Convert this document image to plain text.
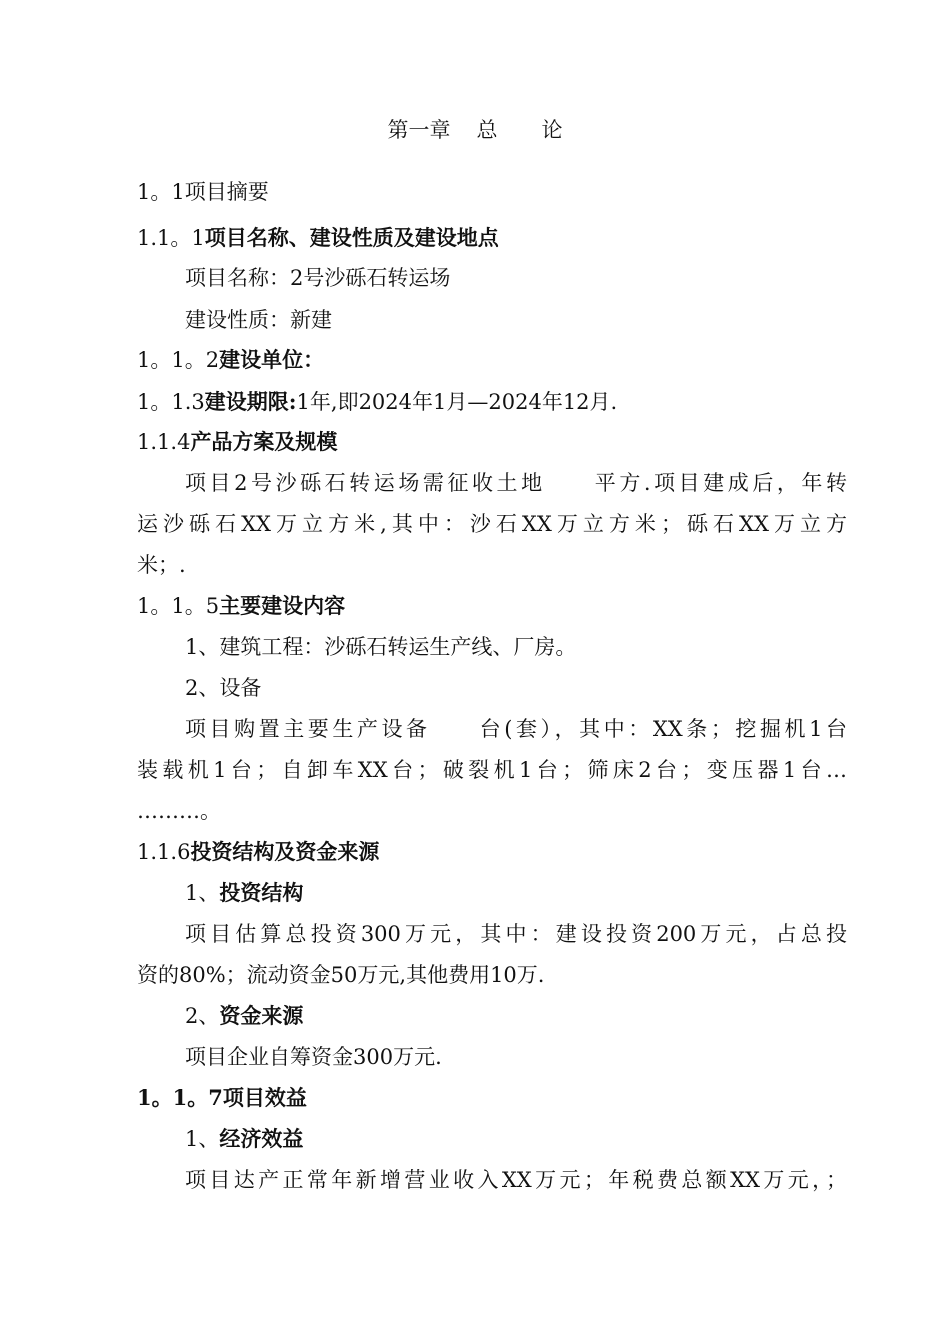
第一章 总 论
1。1项目摘要
1.1。1项目名称、建设性质及建设地点
项目名称：2号沙砾石转运场
建设性质：新建
1。1。2建设单位：
1。1.3建设期限:1年,即2024年1月—2024年12月.
1.1.4产品方案及规模
项目2号沙砾石转运场需征收土地　　平方.项目建成后，年转
运沙砾石XX万立方米,其中：沙石XX万立方米；砾石XX万立方
米；.
1。1。5主要建设内容
1、建筑工程：沙砾石转运生产线、厂房。
2、设备
项目购置主要生产设备　　台(套），其中：XX条；挖掘机1台
装载机1台；自卸车XX台；破裂机1台；筛床2台；变压器1台…
………。
1.1.6投资结构及资金来源
1、投资结构
项目估算总投资300万元，其中：建设投资200万元，占总投
资的80%；流动资金50万元,其他费用10万.
2、资金来源
项目企业自筹资金300万元.
1。1。7项目效益
1、经济效益
项目达产正常年新增营业收入XX万元；年税费总额XX万元，；
